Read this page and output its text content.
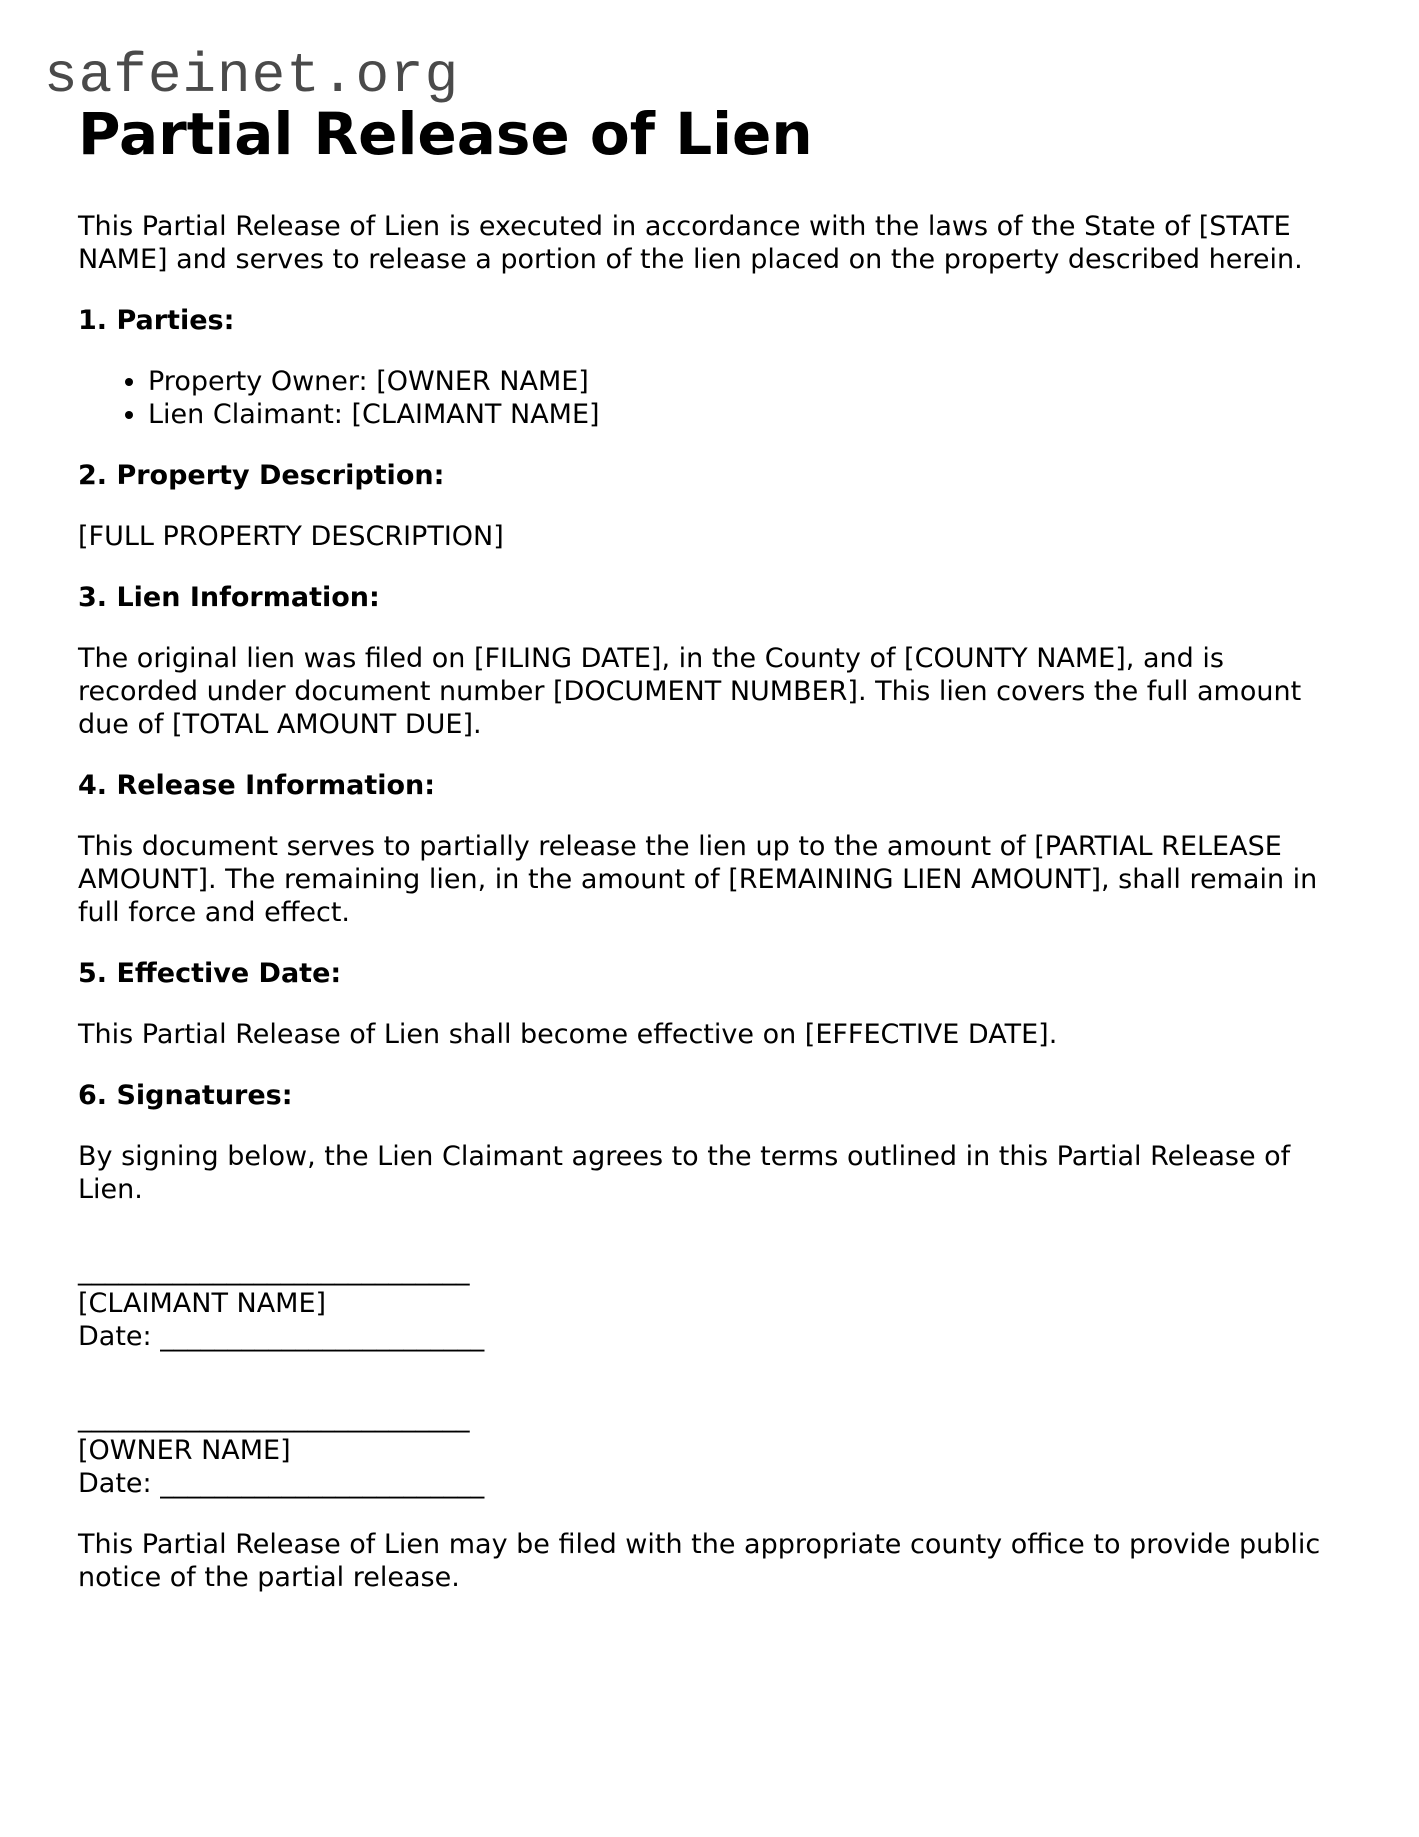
safeinet.org
Partial Release of Lien

This Partial Release of Lien is executed in accordance with the laws of the State of [STATE NAME] and serves to release a portion of the lien placed on the property described herein.

1. Parties:
• Property Owner: [OWNER NAME]
• Lien Claimant: [CLAIMANT NAME]
2. Property Description:

[FULL PROPERTY DESCRIPTION]

3. Lien Information:

The original lien was filed on [FILING DATE], in the County of [COUNTY NAME], and is recorded under document number [DOCUMENT NUMBER]. This lien covers the full amount due of [TOTAL AMOUNT DUE].

4. Release Information:

This document serves to partially release the lien up to the amount of [PARTIAL RELEASE AMOUNT]. The remaining lien, in the amount of [REMAINING LIEN AMOUNT], shall remain in full force and effect.

5. Effective Date:

This Partial Release of Lien shall become effective on [EFFECTIVE DATE].

6. Signatures:

By signing below, the Lien Claimant agrees to the terms outlined in this Partial Release of Lien.

_____________________________
[CLAIMANT NAME]
Date: ________________________
_____________________________
[OWNER NAME]
Date: ________________________

This Partial Release of Lien may be filed with the appropriate county office to provide public notice of the partial release.
